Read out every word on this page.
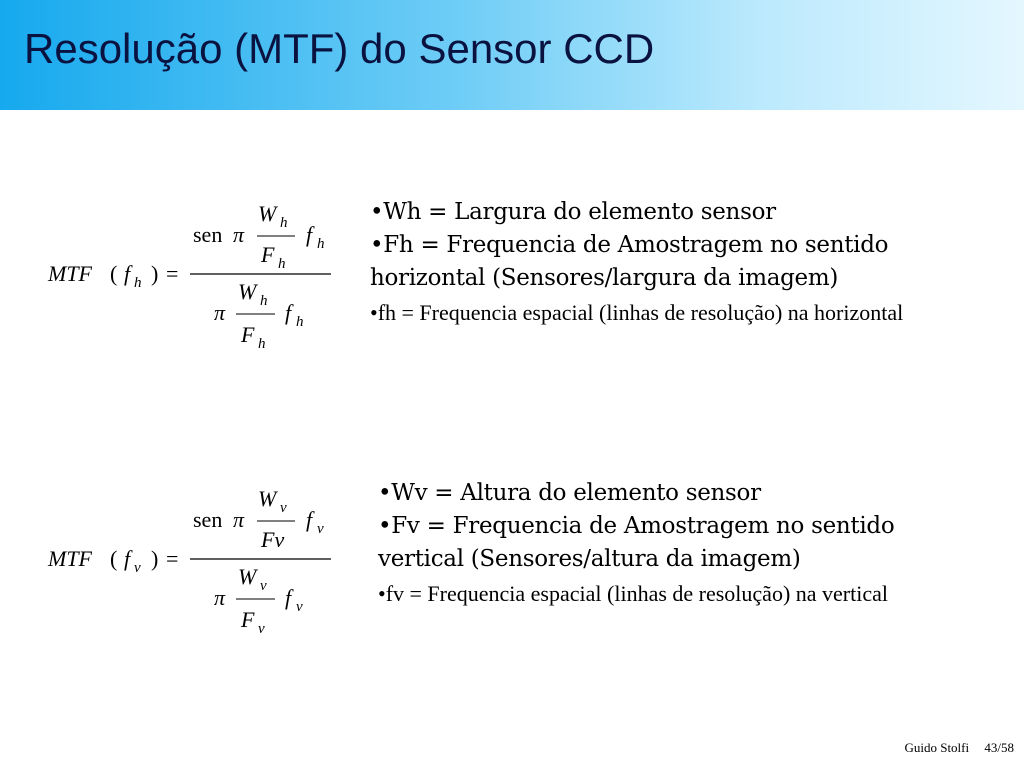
Resolução (MTF) do Sensor CCD
MTF ( f h ) =
sen π
W h
F h
f h
π
W h
F h
f h

•Wh = Largura do elemento sensor

•Fh = Frequencia de Amostragem no sentido horizontal (Sensores/largura da imagem)

•fh = Frequencia espacial (linhas de resolução) na horizontal

MTF ( f v ) =
sen π
W v
Fv
f v
π
W v
F v
f v

•Wv = Altura do elemento sensor

•Fv = Frequencia de Amostragem no sentido vertical (Sensores/altura da imagem)

•fv = Frequencia espacial (linhas de resolução) na vertical

Guido Stolfi 43/58
